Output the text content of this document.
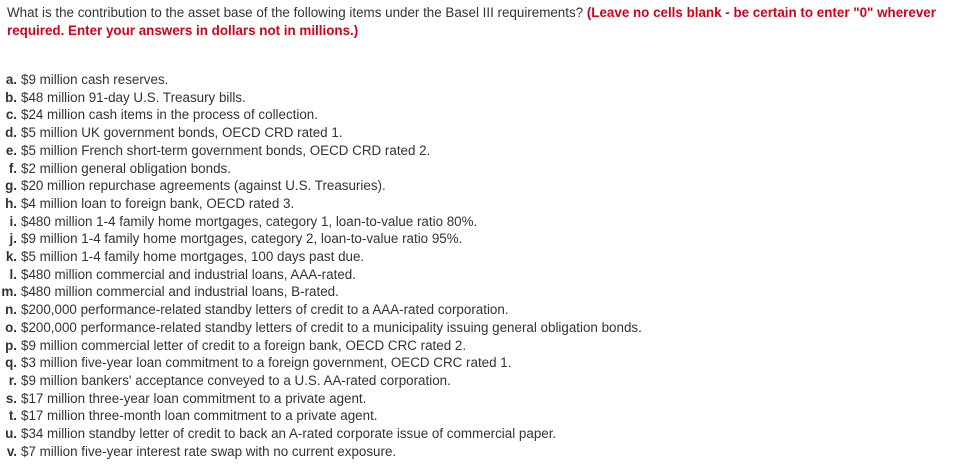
What is the contribution to the asset base of the following items under the Basel III requirements? (Leave no cells blank - be certain to enter "0" wherever required. Enter your answers in dollars not in millions.)
a. $9 million cash reserves.
b. $48 million 91-day U.S. Treasury bills.
c. $24 million cash items in the process of collection.
d. $5 million UK government bonds, OECD CRD rated 1.
e. $5 million French short-term government bonds, OECD CRD rated 2.
f. $2 million general obligation bonds.
g. $20 million repurchase agreements (against U.S. Treasuries).
h. $4 million loan to foreign bank, OECD rated 3.
i. $480 million 1-4 family home mortgages, category 1, loan-to-value ratio 80%.
j. $9 million 1-4 family home mortgages, category 2, loan-to-value ratio 95%.
k. $5 million 1-4 family home mortgages, 100 days past due.
l. $480 million commercial and industrial loans, AAA-rated.
m. $480 million commercial and industrial loans, B-rated.
n. $200,000 performance-related standby letters of credit to a AAA-rated corporation.
o. $200,000 performance-related standby letters of credit to a municipality issuing general obligation bonds.
p. $9 million commercial letter of credit to a foreign bank, OECD CRC rated 2.
q. $3 million five-year loan commitment to a foreign government, OECD CRC rated 1.
r. $9 million bankers' acceptance conveyed to a U.S. AA-rated corporation.
s. $17 million three-year loan commitment to a private agent.
t. $17 million three-month loan commitment to a private agent.
u. $34 million standby letter of credit to back an A-rated corporate issue of commercial paper.
v. $7 million five-year interest rate swap with no current exposure.
